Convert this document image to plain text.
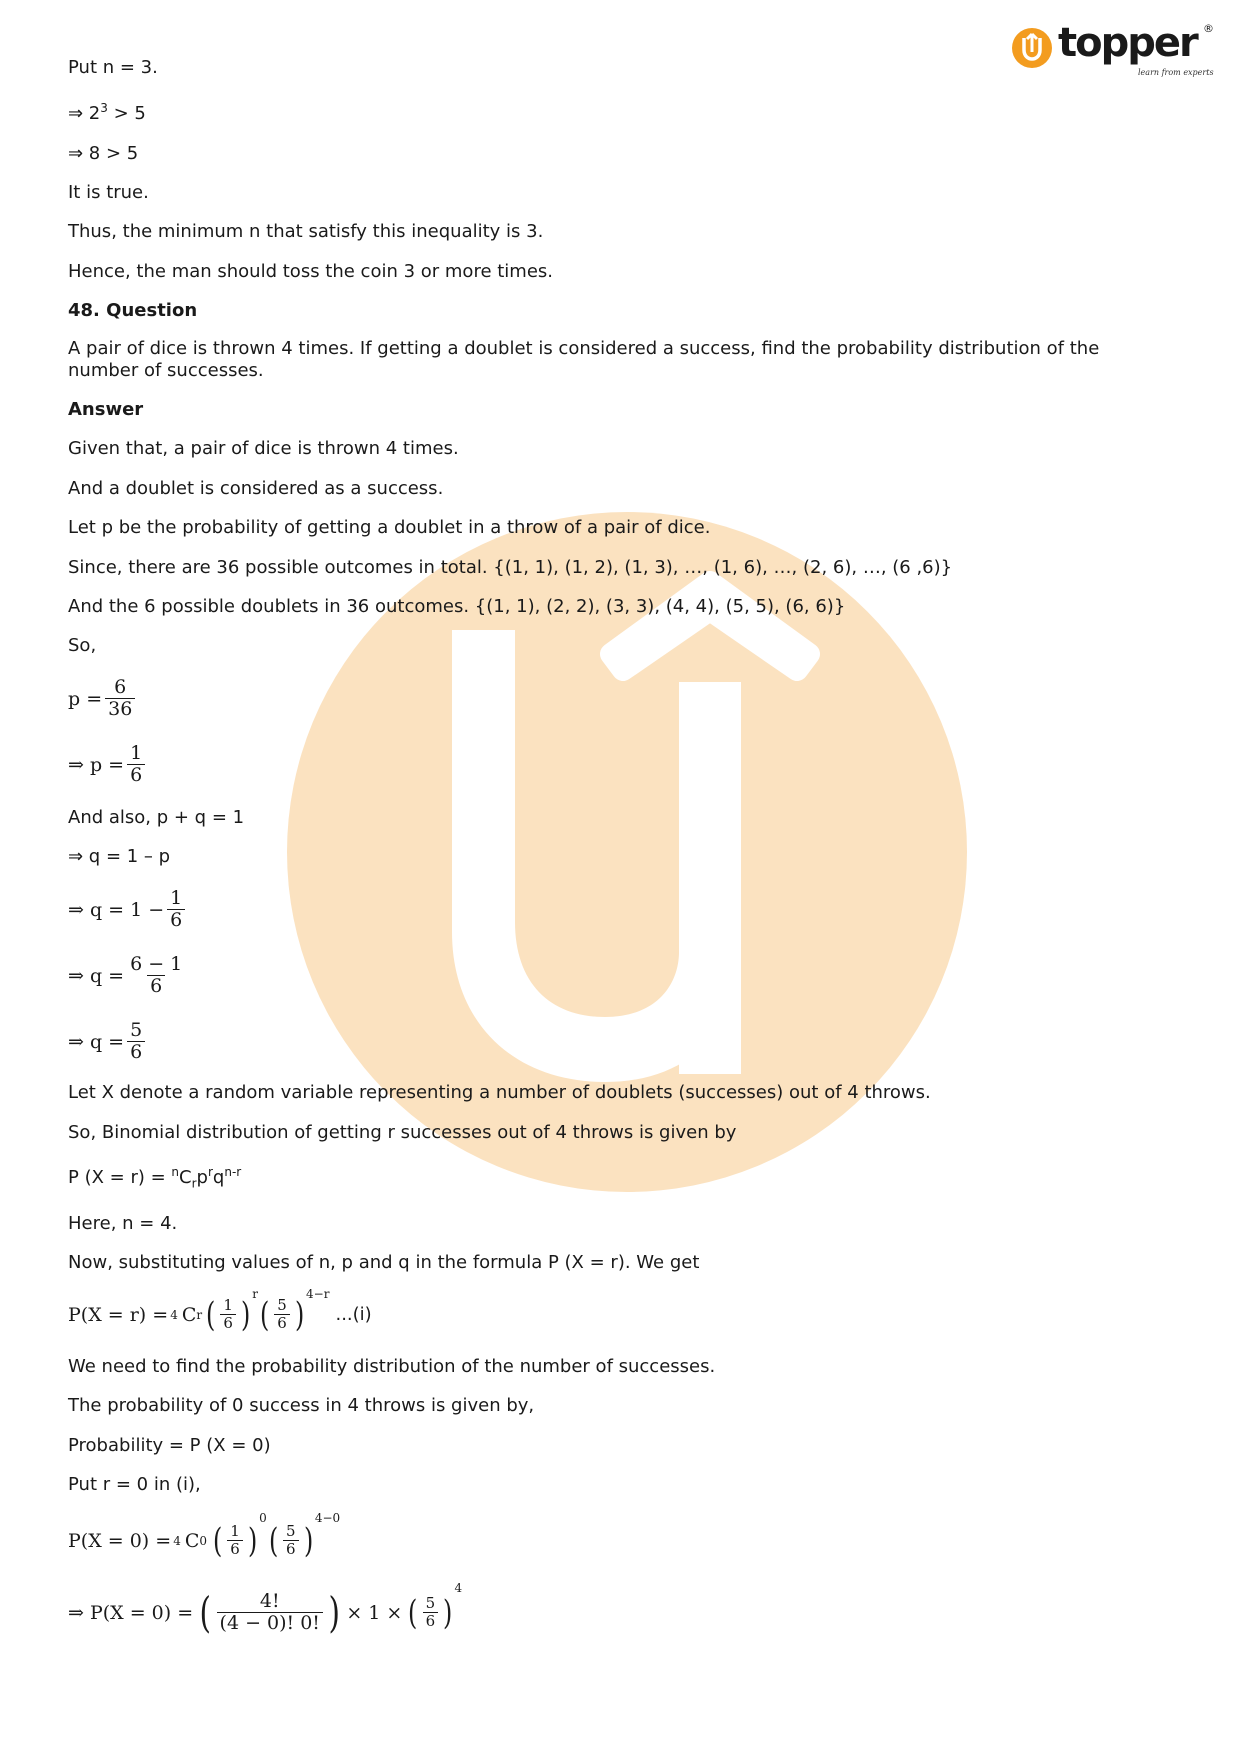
topper ®
learn from experts

Put n = 3.

⇒ $2^3 > 5$

⇒ 8 > 5

It is true.

Thus, the minimum n that satisfy this inequality is 3.

Hence, the man should toss the coin 3 or more times.

48. Question

A pair of dice is thrown 4 times. If getting a doublet is considered a success, find the probability distribution of the number of successes.

Answer

Given that, a pair of dice is thrown 4 times.

And a doublet is considered as a success.

Let p be the probability of getting a doublet in a throw of a pair of dice.

Since, there are 36 possible outcomes in total. {(1, 1), (1, 2), (1, 3), …, (1, 6), …, (2, 6), …, (6 ,6)}

And the 6 possible doublets in 36 outcomes. {(1, 1), (2, 2), (3, 3), (4, 4), (5, 5), (6, 6)}

So,

$p = \frac{6}{36}$
⇒ $p = \frac{1}{6}$

And also, p + q = 1

⇒ q = 1 – p

⇒ $q = 1 - \frac{1}{6}$
⇒ $q = \frac{6 - 1}{6}$
⇒ $q = \frac{5}{6}$

Let X denote a random variable representing a number of doublets (successes) out of 4 throws.

So, Binomial distribution of getting r successes out of 4 throws is given by

P $(X = r) = ^nC_rp^rq^{n-r}$

Here, n = 4.

Now, substituting values of n, p and q in the formula P (X = r). We get

P(X = r) = 4 C r ( $\frac{1}{6}$ )
$^r$
( $\frac{5}{6}$ )
$^{4-r}$
...(i)

We need to find the probability distribution of the number of successes.

The probability of 0 success in 4 throws is given by,

Probability = P (X = 0)

Put r = 0 in (i),

P(X = 0) = 4 C 0 ( $\frac{1}{6}$ )
$^0$
( $\frac{5}{6}$ )
$^{4-0}$
⇒ P(X = 0) = ( $\frac{4!}{(4 - 0)! 0!}$ ) × 1 × ( $\frac{5}{6}$ )
4
